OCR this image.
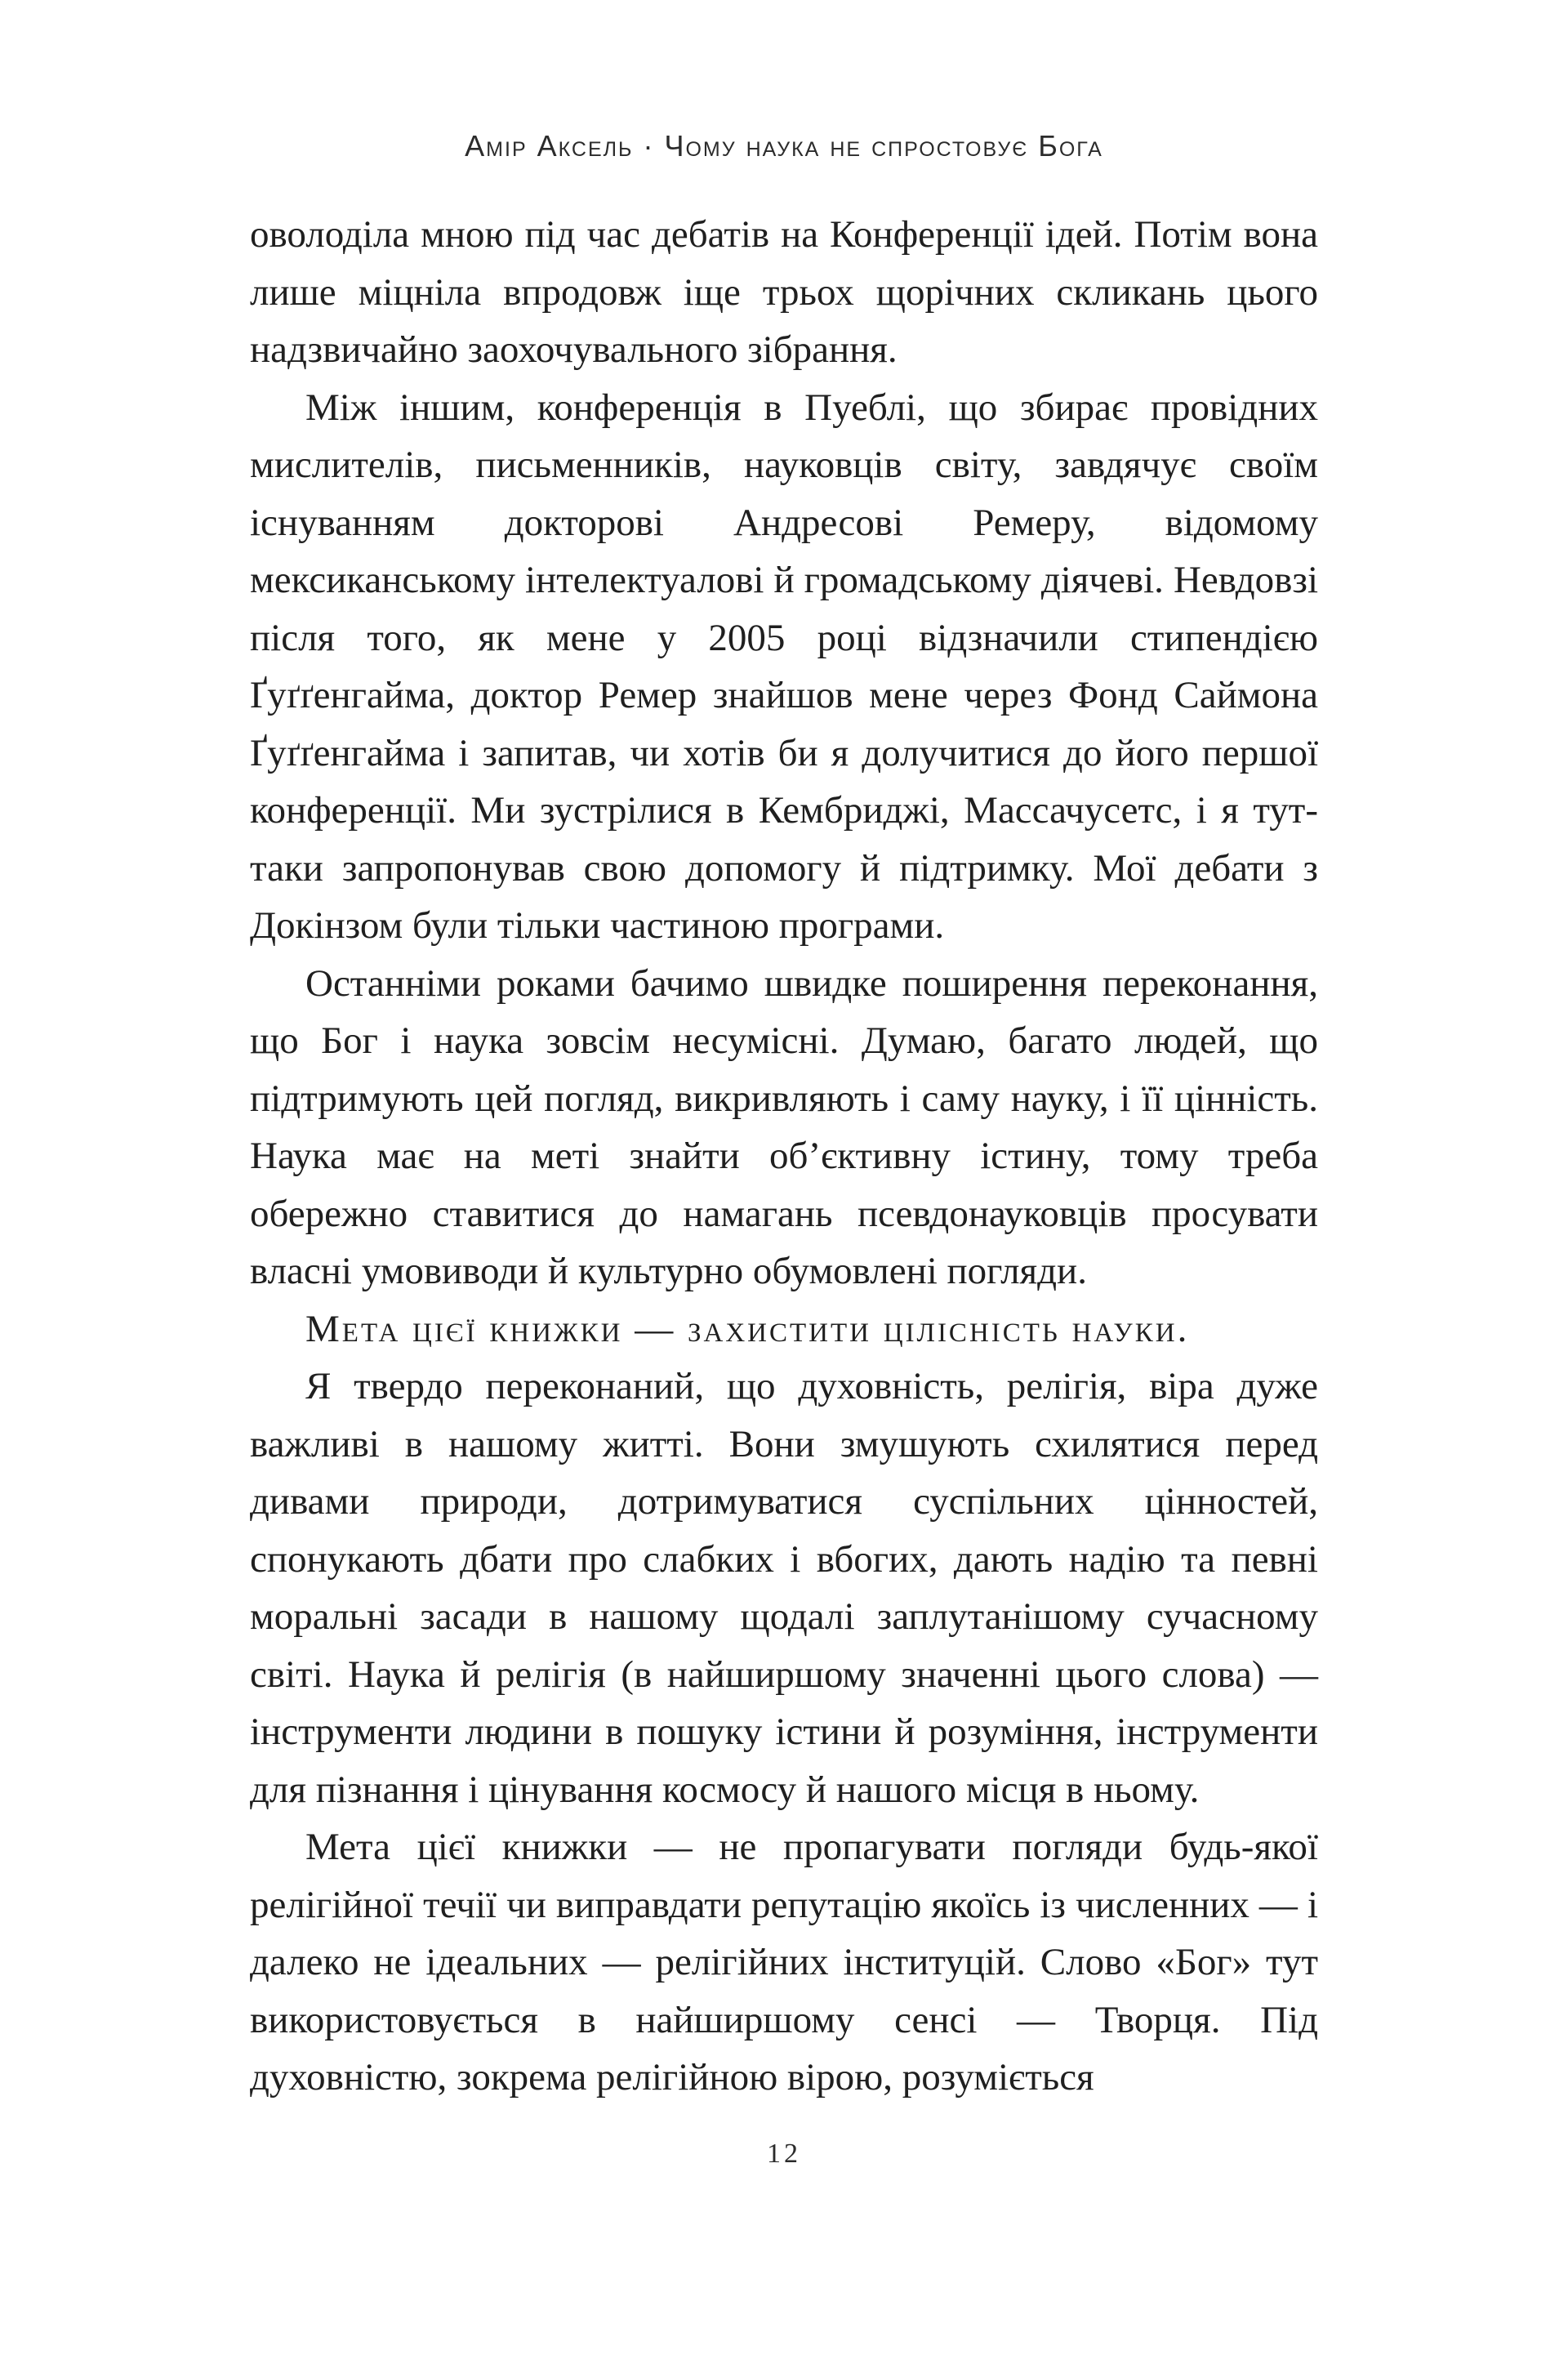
Амір Аксель · Чому наука не спростовує Бога

оволоділа мною під час дебатів на Конференції ідей. Потім вона лише міцніла впродовж іще трьох щорічних скликань цього надзвичайно заохочувального зібрання.

Між іншим, конференція в Пуеблі, що збирає провідних мислителів, письменників, науковців світу, завдячує своїм існуванням докторові Андресові Ремеру, відомому мексиканському інтелектуалові й громадському діячеві. Невдовзі після того, як мене у 2005 році відзначили стипендією Ґуґґенгайма, доктор Ремер знайшов мене через Фонд Саймона Ґуґґенгайма і запитав, чи хотів би я долучитися до його першої конференції. Ми зустрілися в Кембриджі, Массачусетс, і я тут-таки запропонував свою допомогу й підтримку. Мої дебати з Докінзом були тільки частиною програми.

Останніми роками бачимо швидке поширення переконання, що Бог і наука зовсім несумісні. Думаю, багато людей, що підтримують цей погляд, викривляють і саму науку, і її цінність. Наука має на меті знайти об’єктивну істину, тому треба обережно ставитися до намагань псевдонауковців просувати власні умовиводи й культурно обумовлені погляди.

Мета цієї книжки — захистити цілісність науки.

Я твердо переконаний, що духовність, релігія, віра дуже важливі в нашому житті. Вони змушують схилятися перед дивами природи, дотримуватися суспільних цінностей, спонукають дбати про слабких і вбогих, дають надію та певні моральні засади в нашому щодалі заплутанішому сучасному світі. Наука й релігія (в найширшому значенні цього слова) — інструменти людини в пошуку істини й розуміння, інструменти для пізнання і цінування космосу й нашого місця в ньому.

Мета цієї книжки — не пропагувати погляди будь-якої релігійної течії чи виправдати репутацію якоїсь із численних — і далеко не ідеальних — релігійних інституцій. Слово «Бог» тут використовується в найширшому сенсі — Творця. Під духовністю, зокрема релігійною вірою, розуміється

12
